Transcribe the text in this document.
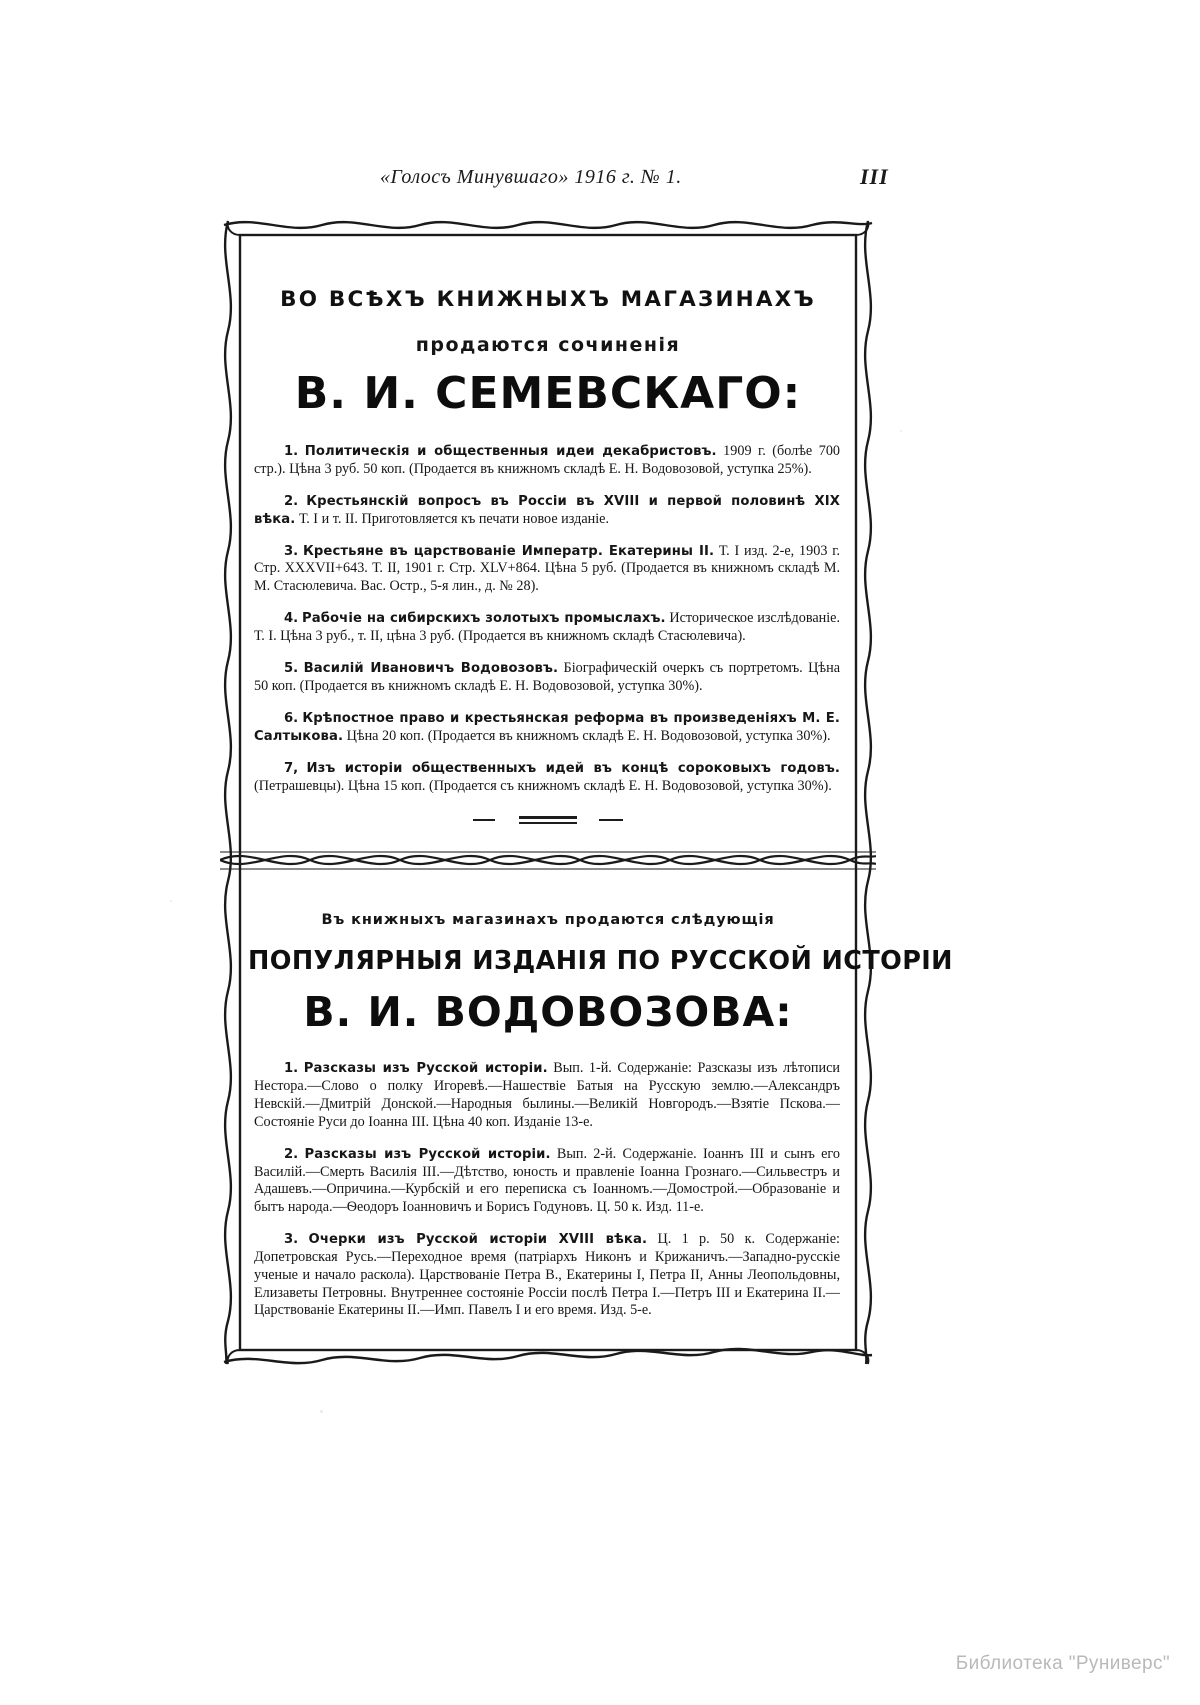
«Голосъ Минувшаго» 1916 г. № 1.	III
ВО ВСѢХЪ КНИЖНЫХЪ МАГАЗИНАХЪ
продаются сочиненія
В. И. СЕМЕВСКАГО:

1. Политическія и общественныя идеи декабристовъ. 1909 г. (болѣе 700 стр.). Цѣна 3 руб. 50 коп. (Продается въ книжномъ складѣ Е. Н. Водовозовой, уступка 25%).

2. Крестьянскій вопросъ въ Россіи въ XVIII и первой половинѣ XIX вѣка. Т. I и т. II. Приготовляется къ печати новое изданіе.

3. Крестьяне въ царствованіе Императр. Екатерины II. Т. I изд. 2-е, 1903 г. Стр. XXXVII+643. Т. II, 1901 г. Стр. XLV+864. Цѣна 5 руб. (Продается въ книжномъ складѣ М. М. Стасюлевича. Вас. Остр., 5-я лин., д. № 28).

4. Рабочіе на сибирскихъ золотыхъ промыслахъ. Историческое изслѣдованіе. Т. I. Цѣна 3 руб., т. II, цѣна 3 руб. (Продается въ книжномъ складѣ Стасюлевича).

5. Василій Ивановичъ Водовозовъ. Біографическій очеркъ съ портретомъ. Цѣна 50 коп. (Продается въ книжномъ складѣ Е. Н. Водовозовой, уступка 30%).

6. Крѣпостное право и крестьянская реформа въ произведеніяхъ М. Е. Салтыкова. Цѣна 20 коп. (Продается въ книжномъ складѣ Е. Н. Водовозовой, уступка 30%).

7, Изъ исторіи общественныхъ идей въ концѣ сороковыхъ годовъ. (Петрашевцы). Цѣна 15 коп. (Продается съ книжномъ складѣ Е. Н. Водовозовой, уступка 30%).

Въ книжныхъ магазинахъ продаются слѣдующія
ПОПУЛЯРНЫЯ ИЗДАНІЯ ПО РУССКОЙ ИСТОРІИ
В. И. ВОДОВОЗОВА:

1. Разсказы изъ Русской исторіи. Вып. 1-й. Содержаніе: Разсказы изъ лѣтописи Нестора.—Слово о полку Игоревѣ.—Нашествіе Батыя на Русскую землю.—Александръ Невскій.—Дмитрій Донской.—Народныя былины.—Великій Новгородъ.—Взятіе Пскова.—Состояніе Руси до Іоанна III. Цѣна 40 коп. Изданіе 13-е.

2. Разсказы изъ Русской исторіи. Вып. 2-й. Содержаніе. Іоаннъ III и сынъ его Василій.—Смерть Василія III.—Дѣтство, юность и правленіе Іоанна Грознаго.—Сильвестръ и Адашевъ.—Опричина.—Курбскій и его переписка съ Іоанномъ.—Домострой.—Образованіе и бытъ народа.—Ѳеодоръ Іоанновичъ и Борисъ Годуновъ. Ц. 50 к. Изд. 11-е.

3. Очерки изъ Русской исторіи XVIII вѣка. Ц. 1 р. 50 к. Содержаніе: Допетровская Русь.—Переходное время (патріархъ Никонъ и Крижаничъ.—Западно-русскіе ученые и начало раскола). Царствованіе Петра В., Екатерины I, Петра II, Анны Леопольдовны, Елизаветы Петровны. Внутреннее состояніе Россіи послѣ Петра I.—Петръ III и Екатерина II.—Царствованіе Екатерины II.—Имп. Павелъ I и его время. Изд. 5-е.

Библиотека "Руниверс"
